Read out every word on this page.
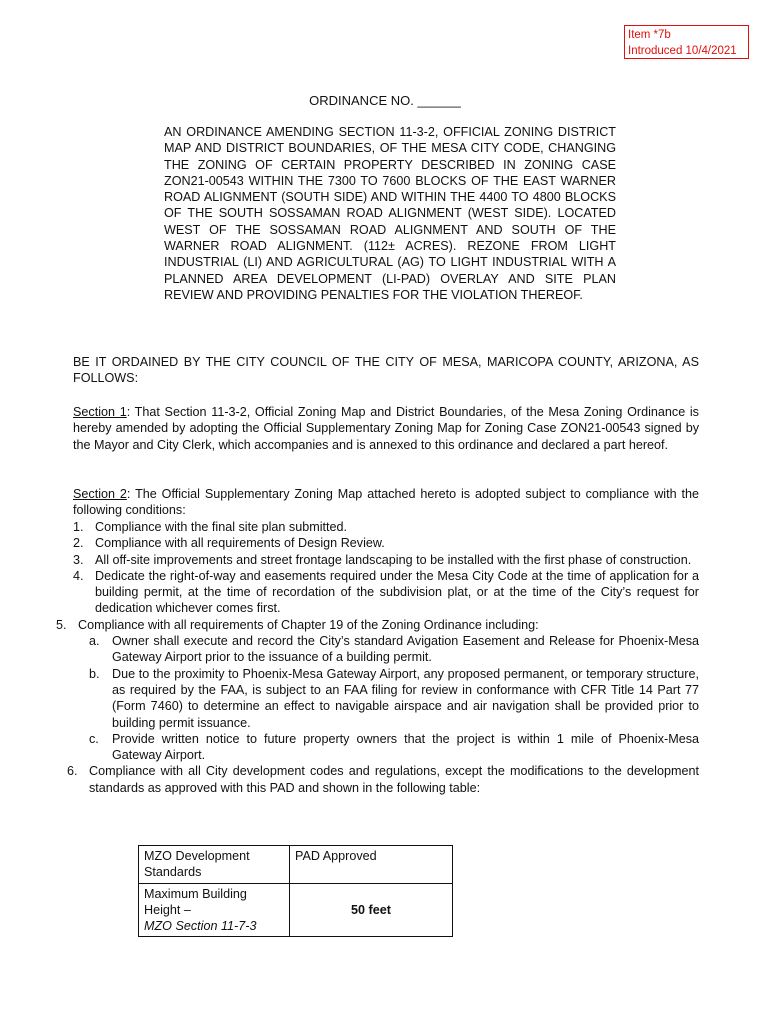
Item *7b
Introduced 10/4/2021
ORDINANCE NO. ______
AN ORDINANCE AMENDING SECTION 11-3-2, OFFICIAL ZONING DISTRICT MAP AND DISTRICT BOUNDARIES, OF THE MESA CITY CODE, CHANGING THE ZONING OF CERTAIN PROPERTY DESCRIBED IN ZONING CASE ZON21-00543 WITHIN THE 7300 TO 7600 BLOCKS OF THE EAST WARNER ROAD ALIGNMENT (SOUTH SIDE) AND WITHIN THE 4400 TO 4800 BLOCKS OF THE SOUTH SOSSAMAN ROAD ALIGNMENT (WEST SIDE). LOCATED WEST OF THE SOSSAMAN ROAD ALIGNMENT AND SOUTH OF THE WARNER ROAD ALIGNMENT. (112± ACRES). REZONE FROM LIGHT INDUSTRIAL (LI) AND AGRICULTURAL (AG) TO LIGHT INDUSTRIAL WITH A PLANNED AREA DEVELOPMENT (LI-PAD) OVERLAY AND SITE PLAN REVIEW AND PROVIDING PENALTIES FOR THE VIOLATION THEREOF.
BE IT ORDAINED BY THE CITY COUNCIL OF THE CITY OF MESA, MARICOPA COUNTY, ARIZONA, AS FOLLOWS:
Section 1: That Section 11-3-2, Official Zoning Map and District Boundaries, of the Mesa Zoning Ordinance is hereby amended by adopting the Official Supplementary Zoning Map for Zoning Case ZON21-00543 signed by the Mayor and City Clerk, which accompanies and is annexed to this ordinance and declared a part hereof.
Section 2: The Official Supplementary Zoning Map attached hereto is adopted subject to compliance with the following conditions:
1. Compliance with the final site plan submitted.
2. Compliance with all requirements of Design Review.
3. All off-site improvements and street frontage landscaping to be installed with the first phase of construction.
4. Dedicate the right-of-way and easements required under the Mesa City Code at the time of application for a building permit, at the time of recordation of the subdivision plat, or at the time of the City’s request for dedication whichever comes first.
5. Compliance with all requirements of Chapter 19 of the Zoning Ordinance including:
a. Owner shall execute and record the City’s standard Avigation Easement and Release for Phoenix-Mesa Gateway Airport prior to the issuance of a building permit.
b. Due to the proximity to Phoenix-Mesa Gateway Airport, any proposed permanent, or temporary structure, as required by the FAA, is subject to an FAA filing for review in conformance with CFR Title 14 Part 77 (Form 7460) to determine an effect to navigable airspace and air navigation shall be provided prior to building permit issuance.
c.	Provide written notice to future property owners that the project is within 1 mile of Phoenix-Mesa Gateway Airport.
6. Compliance with all City development codes and regulations, except the modifications to the development standards as approved with this PAD and shown in the following table:
MZO Development Standards	PAD Approved
Maximum Building Height –
MZO Section 11-7-3	50 feet
